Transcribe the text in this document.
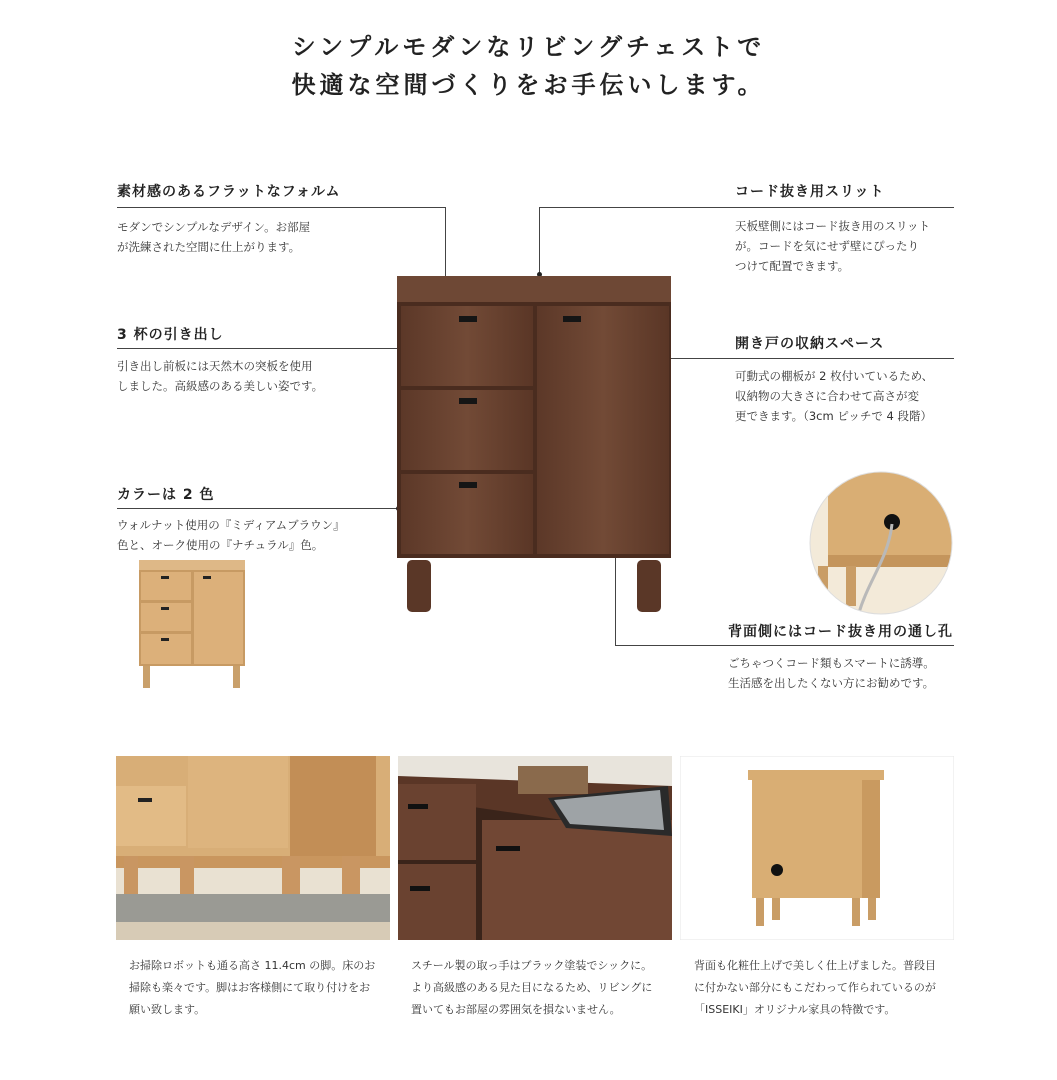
シンプルモダンなリビングチェストで
快適な空間づくりをお手伝いします。
素材感のあるフラットなフォルム
モダンでシンプルなデザイン。お部屋
が洗練された空間に仕上がります。
3 杯の引き出し
引き出し前板には天然木の突板を使用
しました。高級感のある美しい姿です。
カラーは 2 色
ウォルナット使用の『ミディアムブラウン』
色と、オーク使用の『ナチュラル』色。
コード抜き用スリット
天板壁側にはコード抜き用のスリット
が。コードを気にせず壁にぴったり
つけて配置できます。
開き戸の収納スペース
可動式の棚板が 2 枚付いているため、
収納物の大きさに合わせて高さが変
更できます。（3cm ピッチで 4 段階）
背面側にはコード抜き用の通し孔
ごちゃつくコード類もスマートに誘導。
生活感を出したくない方にお勧めです。
お掃除ロボットも通る高さ 11.4cm の脚。床のお
掃除も楽々です。脚はお客様側にて取り付けをお
願い致します。
スチール製の取っ手はブラック塗装でシックに。
より高級感のある見た目になるため、リビングに
置いてもお部屋の雰囲気を損ないません。
背面も化粧仕上げで美しく仕上げました。普段目
に付かない部分にもこだわって作られているのが
「ISSEIKI」オリジナル家具の特徴です。
